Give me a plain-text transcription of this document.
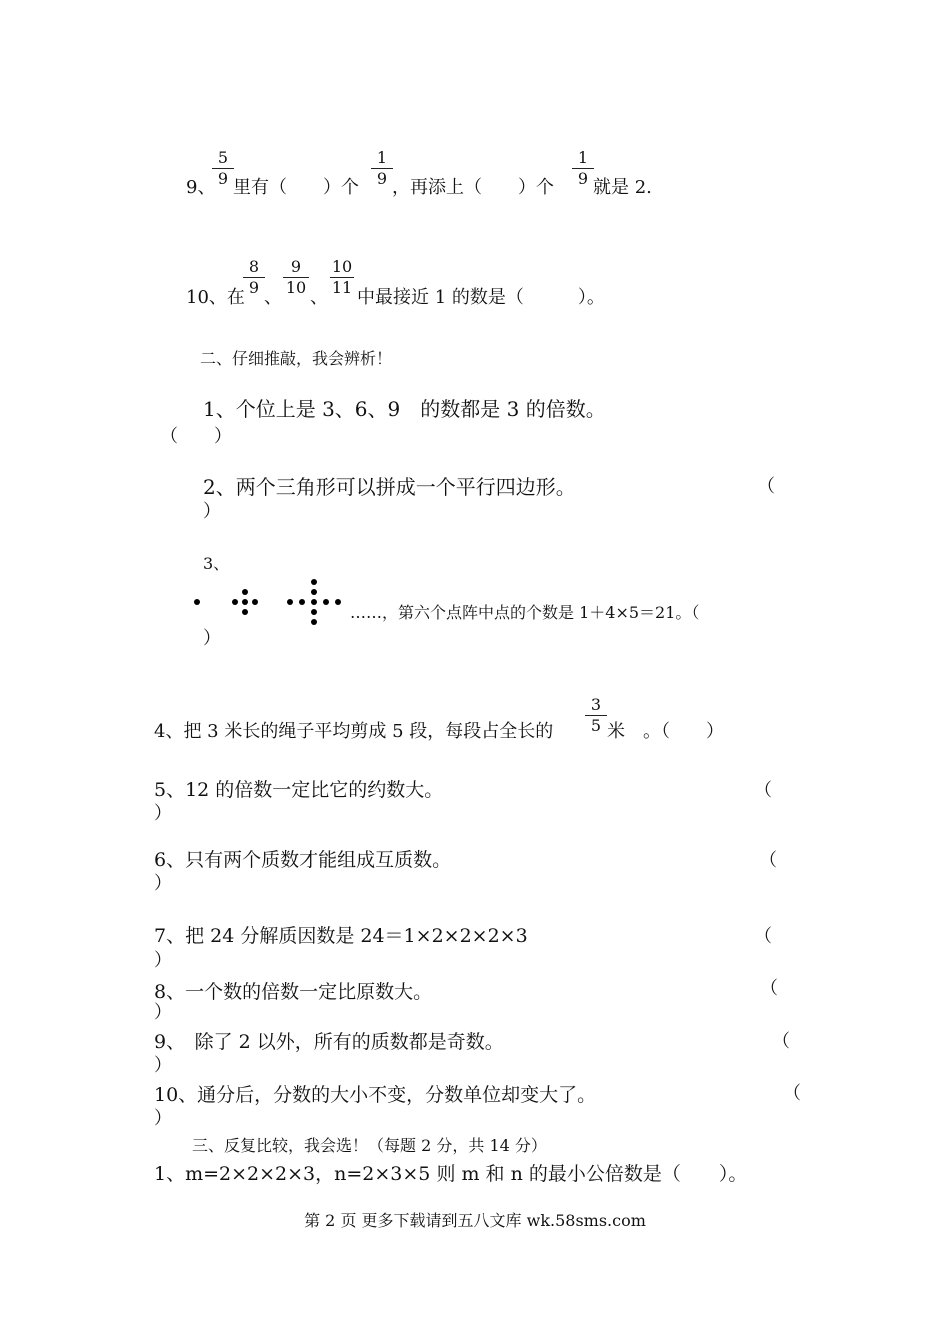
5
9
9、 里有（　　）个
1
9 ，再添上（　　）个
1
9 就是 2.
10、在
8
9 、
9
10 、
10
11 中最接近 1 的数是（　　　）。
二、仔细推敲，我会辨析！
1、个位上是 3、6、9　的数都是 3 的倍数。
（　　）
2、两个三角形可以拼成一个平行四边形。	（
）
3、
……，第六个点阵中点的个数是 1＋4×5＝21。（
）
4、把 3 米长的绳子平均剪成 5 段，每段占全长的
3
5 米　。（　　）
5、12 的倍数一定比它的约数大。	（
）
6、只有两个质数才能组成互质数。	（
）
7、把 24 分解质因数是 24＝1×2×2×2×3	（
）
8、一个数的倍数一定比原数大。	（
）
9、　除了 2 以外，所有的质数都是奇数。	（
）
10、通分后，分数的大小不变，分数单位却变大了。	（
）
三、反复比较，我会选！（每题 2 分，共 14 分）
1、m=2×2×2×3，n=2×3×5 则 m 和 n 的最小公倍数是（　　）。
第 2 页 更多下载请到五八文库 wk.58sms.com
